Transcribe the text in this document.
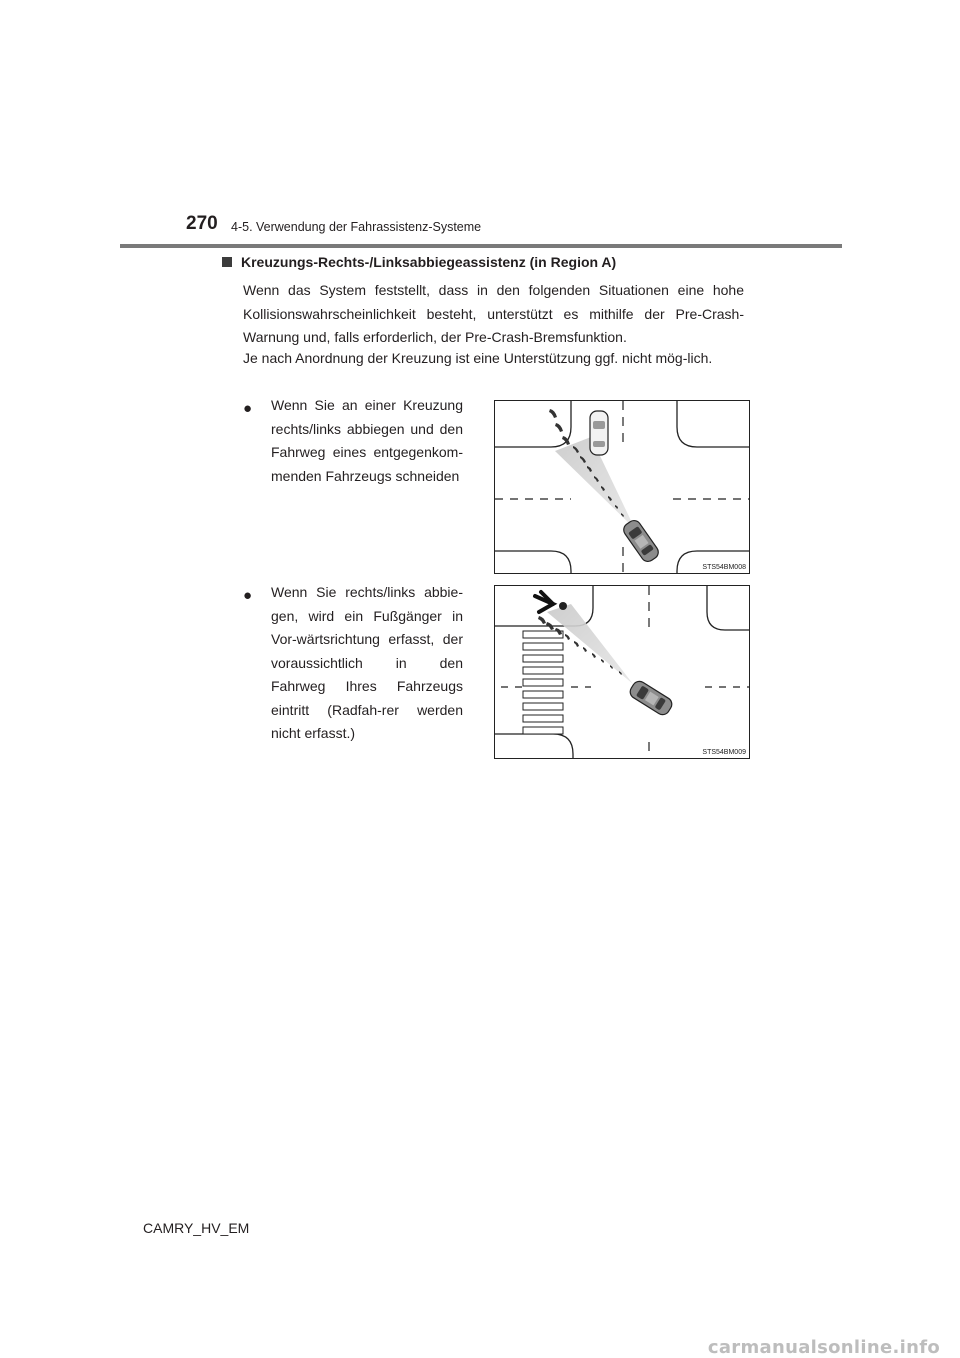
270 4-5. Verwendung der Fahrassistenz-Systeme
Kreuzungs-Rechts-/Linksabbiegeassistenz (in Region A)
Wenn das System feststellt, dass in den folgenden Situationen eine hohe Kollisionswahrscheinlichkeit besteht, unterstützt es mithilfe der Pre-Crash-Warnung und, falls erforderlich, der Pre-Crash-Bremsfunktion.
Je nach Anordnung der Kreuzung ist eine Unterstützung ggf. nicht mög-lich.
● Wenn Sie an einer Kreuzung rechts/links abbiegen und den Fahrweg eines entgegenkom-menden Fahrzeugs schneiden
STS54BM008
● Wenn Sie rechts/links abbie-gen, wird ein Fußgänger in Vor-wärtsrichtung erfasst, der voraussichtlich in den Fahrweg Ihres Fahrzeugs eintritt (Radfah-rer werden nicht erfasst.)
STS54BM009
CAMRY_HV_EM
carmanualsonline.info
